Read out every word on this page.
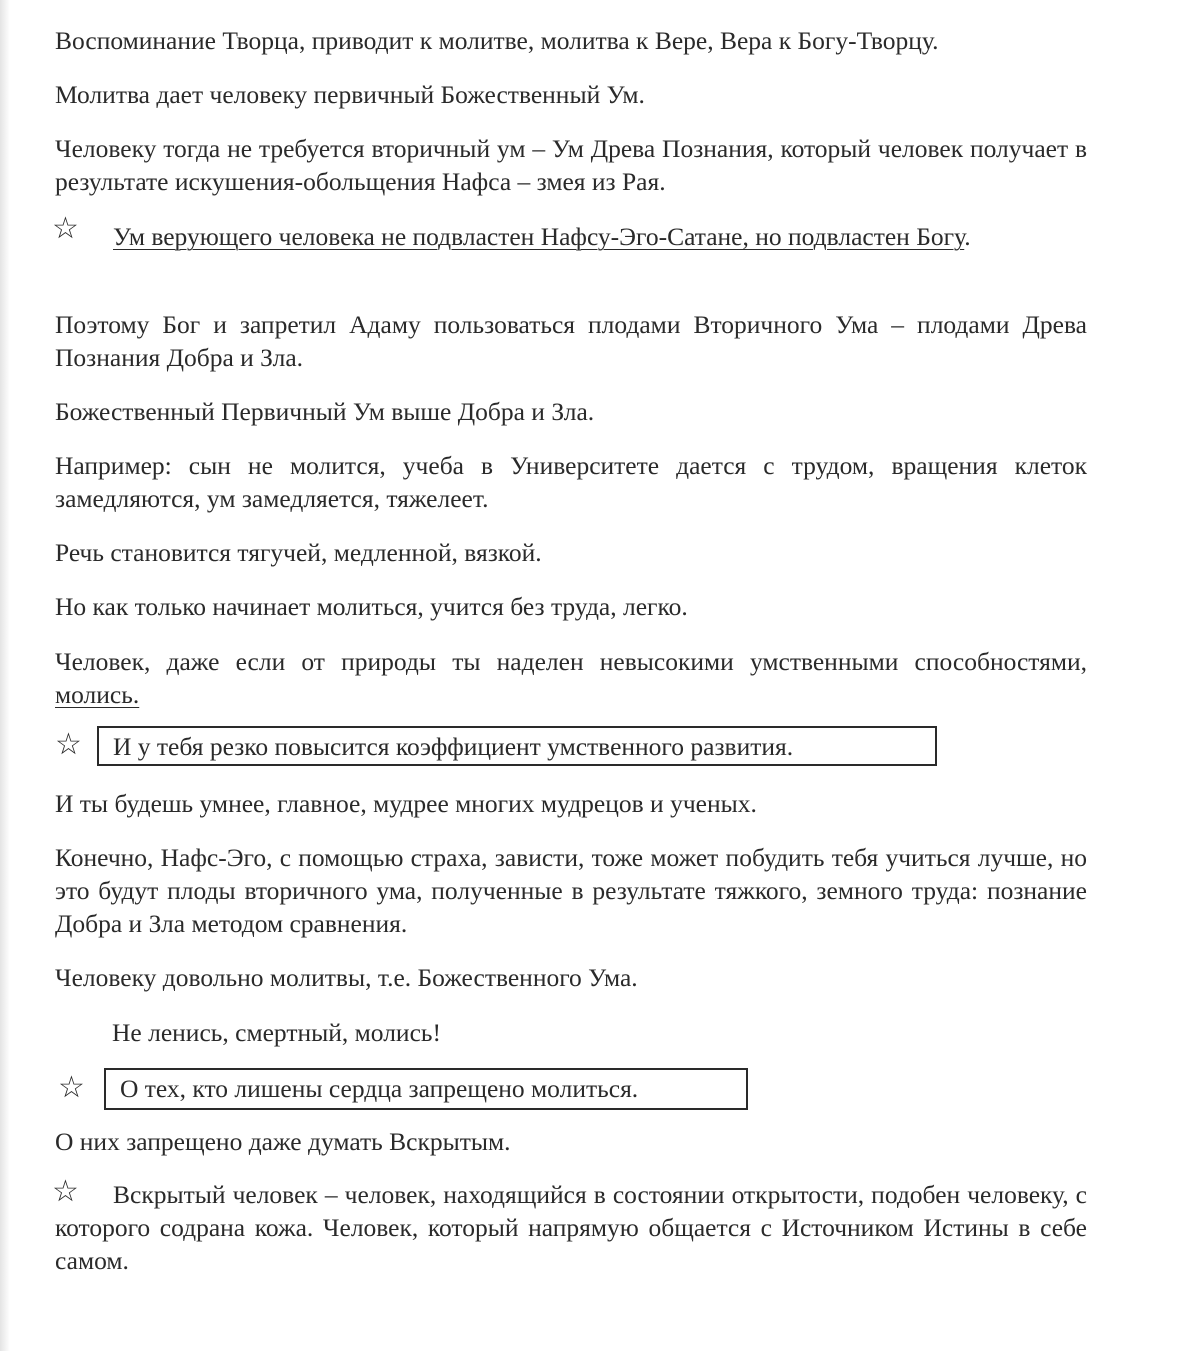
Воспоминание Творца, приводит к молитве, молитва к Вере, Вера к Богу-Творцу.

Молитва дает человеку первичный Божественный Ум.

Человеку тогда не требуется вторичный ум – Ум Древа Познания, который человек получает в результате искушения-обольщения Нафса – змея из Рая.

☆	Ум верующего человека не подвластен Нафсу-Эго-Сатане, но подвластен Богу.

Поэтому Бог и запретил Адаму пользоваться плодами Вторичного Ума – плодами Древа Познания Добра и Зла.

Божественный Первичный Ум выше Добра и Зла.

Например: сын не молится, учеба в Университете дается с трудом, вращения клеток замедляются, ум замедляется, тяжелеет.

Речь становится тягучей, медленной, вязкой.

Но как только начинает молиться, учится без труда, легко.

Человек, даже если от природы ты наделен невысокими умственными способностями, молись.

☆	И у тебя резко повысится коэффициент умственного развития.

И ты будешь умнее, главное, мудрее многих мудрецов и ученых.

Конечно, Нафс-Эго, с помощью страха, зависти, тоже может побудить тебя учиться лучше, но это будут плоды вторичного ума, полученные в результате тяжкого, земного труда: познание Добра и Зла методом сравнения.

Человеку довольно молитвы, т.е. Божественного Ума.

Не ленись, смертный, молись!

☆	О тех, кто лишены сердца запрещено молиться.

О них запрещено даже думать Вскрытым.

☆	Вскрытый человек – человек, находящийся в состоянии открытости, подобен человеку, с которого содрана кожа. Человек, который напрямую общается с Источником Истины в себе самом.
